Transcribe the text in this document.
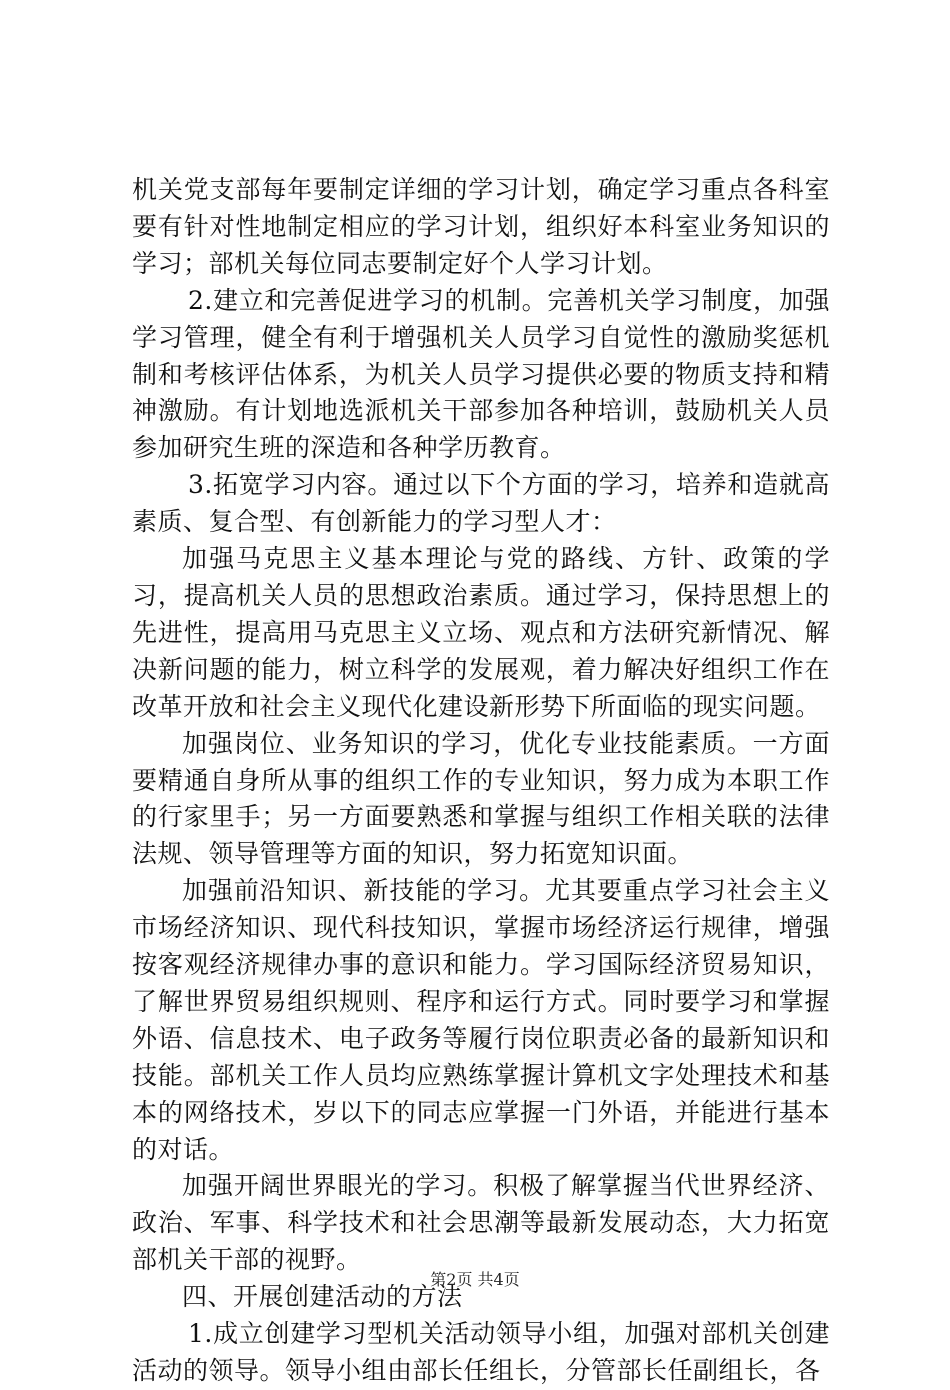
机关党支部每年要制定详细的学习计划，确定学习重点各科室要有针对性地制定相应的学习计划，组织好本科室业务知识的学习；部机关每位同志要制定好个人学习计划。

2.建立和完善促进学习的机制。完善机关学习制度，加强学习管理，健全有利于增强机关人员学习自觉性的激励奖惩机制和考核评估体系，为机关人员学习提供必要的物质支持和精神激励。有计划地选派机关干部参加各种培训，鼓励机关人员参加研究生班的深造和各种学历教育。

3.拓宽学习内容。通过以下个方面的学习，培养和造就高素质、复合型、有创新能力的学习型人才：

加强马克思主义基本理论与党的路线、方针、政策的学习，提高机关人员的思想政治素质。通过学习，保持思想上的先进性，提高用马克思主义立场、观点和方法研究新情况、解决新问题的能力，树立科学的发展观，着力解决好组织工作在改革开放和社会主义现代化建设新形势下所面临的现实问题。

加强岗位、业务知识的学习，优化专业技能素质。一方面要精通自身所从事的组织工作的专业知识，努力成为本职工作的行家里手；另一方面要熟悉和掌握与组织工作相关联的法律法规、领导管理等方面的知识，努力拓宽知识面。

加强前沿知识、新技能的学习。尤其要重点学习社会主义市场经济知识、现代科技知识，掌握市场经济运行规律，增强按客观经济规律办事的意识和能力。学习国际经济贸易知识，了解世界贸易组织规则、程序和运行方式。同时要学习和掌握外语、信息技术、电子政务等履行岗位职责必备的最新知识和技能。部机关工作人员均应熟练掌握计算机文字处理技术和基本的网络技术，岁以下的同志应掌握一门外语，并能进行基本的对话。

加强开阔世界眼光的学习。积极了解掌握当代世界经济、政治、军事、科学技术和社会思潮等最新发展动态，大力拓宽部机关干部的视野。

四、开展创建活动的方法

1.成立创建学习型机关活动领导小组，加强对部机关创建活动的领导。领导小组由部长任组长，分管部长任副组长，各

第2页 共4页
